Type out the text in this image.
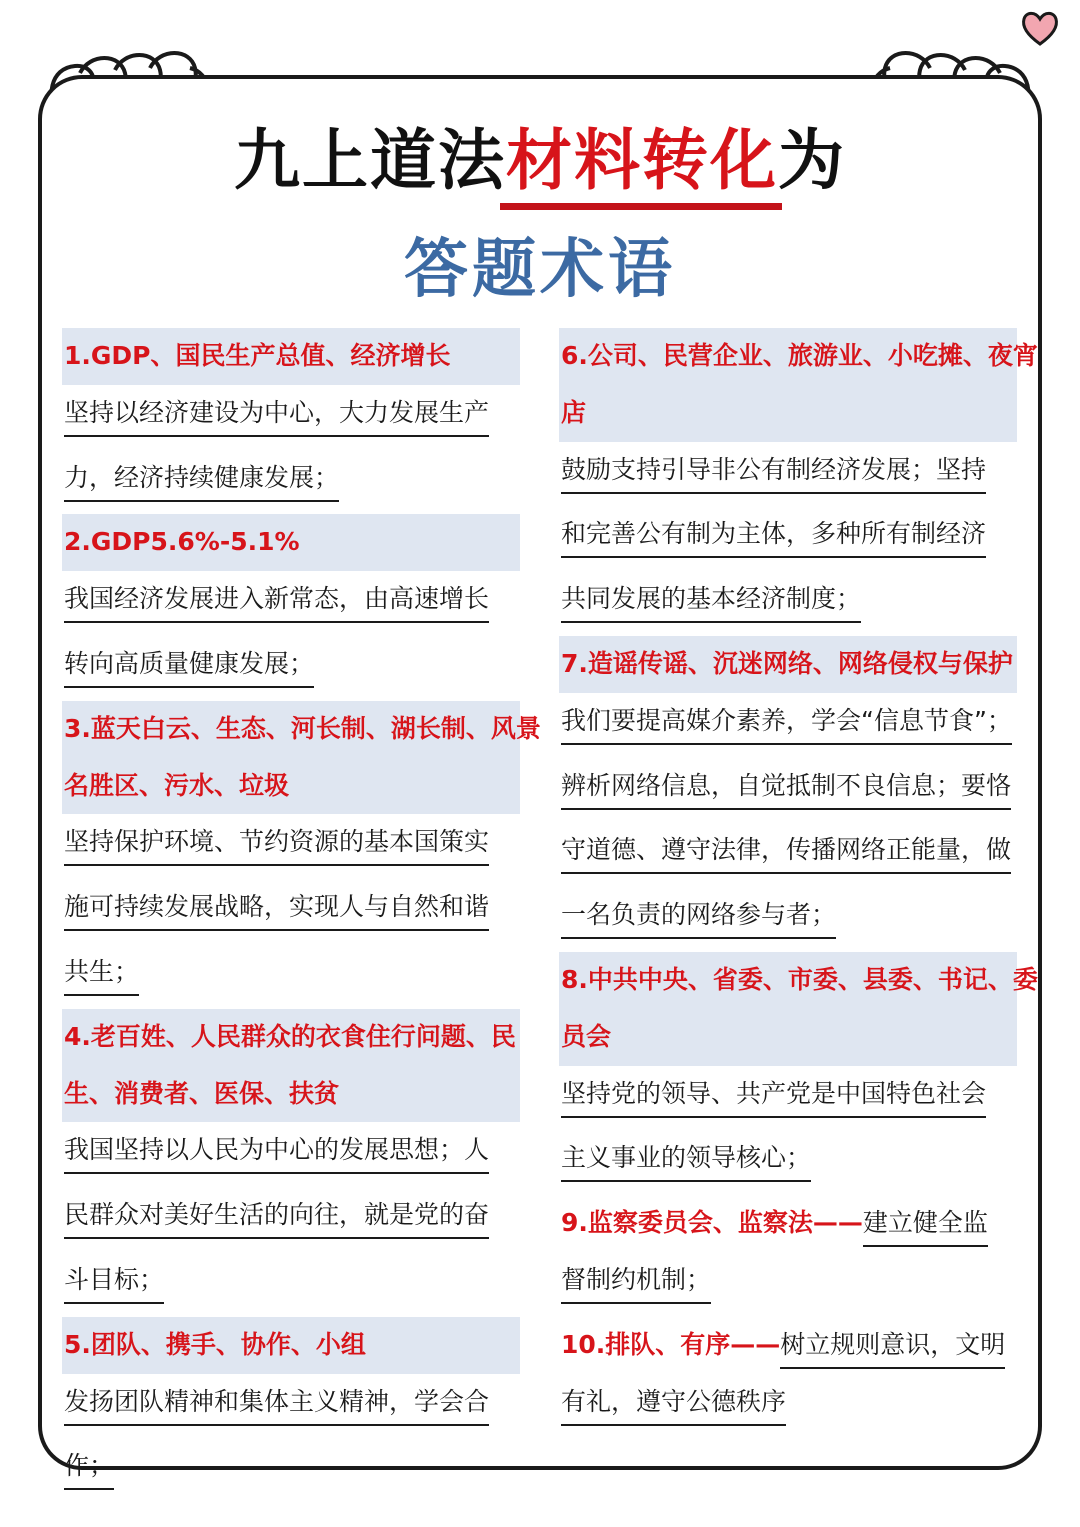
九上道法材料转化为
答题术语
1.GDP、国民生产总值、经济增长
坚持以经济建设为中心，大力发展生产
力，经济持续健康发展；
2.GDP5.6%-5.1%
我国经济发展进入新常态，由高速增长
转向高质量健康发展；
3.蓝天白云、生态、河长制、湖长制、风景
名胜区、污水、垃圾
坚持保护环境、节约资源的基本国策实
施可持续发展战略，实现人与自然和谐
共生；
4.老百姓、人民群众的衣食住行问题、民
生、消费者、医保、扶贫
我国坚持以人民为中心的发展思想；人
民群众对美好生活的向往，就是党的奋
斗目标；
5.团队、携手、协作、小组
发扬团队精神和集体主义精神，学会合
作；
6.公司、民营企业、旅游业、小吃摊、夜宵
店
鼓励支持引导非公有制经济发展；坚持
和完善公有制为主体，多种所有制经济
共同发展的基本经济制度；
7.造谣传谣、沉迷网络、网络侵权与保护
我们要提高媒介素养，学会“信息节食”；
辨析网络信息，自觉抵制不良信息；要恪
守道德、遵守法律，传播网络正能量，做
一名负责的网络参与者；
8.中共中央、省委、市委、县委、书记、委
员会
坚持党的领导、共产党是中国特色社会
主义事业的领导核心；
9.监察委员会、监察法——建立健全监
督制约机制；
10.排队、有序——树立规则意识，文明
有礼，遵守公德秩序
